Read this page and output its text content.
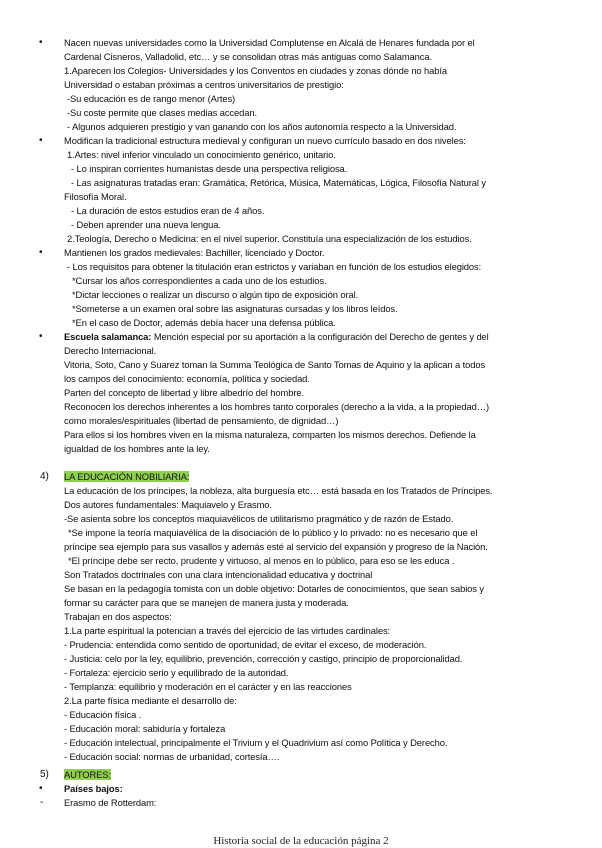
• Nacen nuevas universidades como la Universidad Complutense en Alcalá de Henares fundada por el
Cardenal Cisneros, Valladolid, etc… y se consolidan otras más antiguas como Salamanca.
1.Aparecen los Colegios- Universidades y los Conventos en ciudades y zonas dónde no había
Universidad o estaban próximas a centros universitarios de prestigio:
-Su educación es de rango menor (Artes)
-Su coste permite que clases medias accedan.
- Algunos adquieren prestigio y van ganando con los años autonomía respecto a la Universidad.
• Modifican la tradicional estructura medieval y configuran un nuevo currículo basado en dos niveles:
1.Artes: nivel inferior vinculado un conocimiento genérico, unitario.
- Lo inspiran corrientes humanistas desde una perspectiva religiosa.
- Las asignaturas tratadas eran: Gramática, Retórica, Música, Matemáticas, Lógica, Filosofía Natural y
Filosofía Moral.
- La duración de estos estudios eran de 4 años.
- Deben aprender una nueva lengua.
2.Teología, Derecho o Medicina: en el nivel superior. Constituía una especialización de los estudios.
• Mantienen los grados medievales: Bachiller, licenciado y Doctor.
- Los requisitos para obtener la titulación eran estrictos y variaban en función de los estudios elegidos:
*Cursar los años correspondientes a cada uno de los estudios.
*Dictar lecciones o realizar un discurso o algún tipo de exposición oral.
*Someterse a un examen oral sobre las asignaturas cursadas y los libros leídos.
*En el caso de Doctor, además debía hacer una defensa pública.
• Escuela salamanca: Mención especial por su aportación a la configuración del Derecho de gentes y del
Derecho Internacional.
Vitoria, Soto, Cano y Suarez toman la Summa Teológica de Santo Tomas de Aquino y la aplican a todos
los campos del conocimiento: economía, política y sociedad.
Parten del concepto de libertad y libre albedrío del hombre.
Reconocen los derechos inherentes a los hombres tanto corporales (derecho a la vida, a la propiedad…)
como morales/espirituales (libertad de pensamiento, de dignidad…)
Para ellos si los hombres viven en la misma naturaleza, comparten los mismos derechos. Defiende la
igualdad de los hombres ante la ley.
4) LA EDUCACIÓN NOBILIARIA:
La educación de los príncipes, la nobleza, alta burguesía etc… está basada en los Tratados de Príncipes.
Dos autores fundamentales: Maquiavelo y Erasmo.
-Se asienta sobre los conceptos maquiavélicos de utilitarismo pragmático y de razón de Estado.
*Se impone la teoría maquiavélica de la disociación de lo público y lo privado: no es necesario que el
príncipe sea ejemplo para sus vasallos y además esté al servicio del expansión y progreso de la Nación.
*El príncipe debe ser recto, prudente y virtuoso, al menos en lo público, para eso se les educa .
Son Tratados doctrinales con una clara intencionalidad educativa y doctrinal
Se basan en la pedagogía tomista con un doble objetivo: Dotarles de conocimientos, que sean sabios y
formar su carácter para que se manejen de manera justa y moderada.
Trabajan en dos aspectos:
1.La parte espiritual la potencian a través del ejercicio de las virtudes cardinales:
- Prudencia: entendida como sentido de oportunidad, de evitar el exceso, de moderación.
- Justicia: celo por la ley, equilibrio, prevención, corrección y castigo, principio de proporcionalidad.
- Fortaleza: ejercicio serio y equilibrado de la autoridad.
- Templanza: equilibrio y moderación en el carácter y en las reacciones
2.La parte física mediante el desarrollo de:
- Educación física .
- Educación moral: sabiduría y fortaleza
- Educación intelectual, principalmente el Trivium y el Quadrivium así como Política y Derecho.
- Educación social: normas de urbanidad, cortesía….
5) AUTORES:
• Países bajos:
- Erasmo de Rotterdam:
Historia social de la educación página 2
